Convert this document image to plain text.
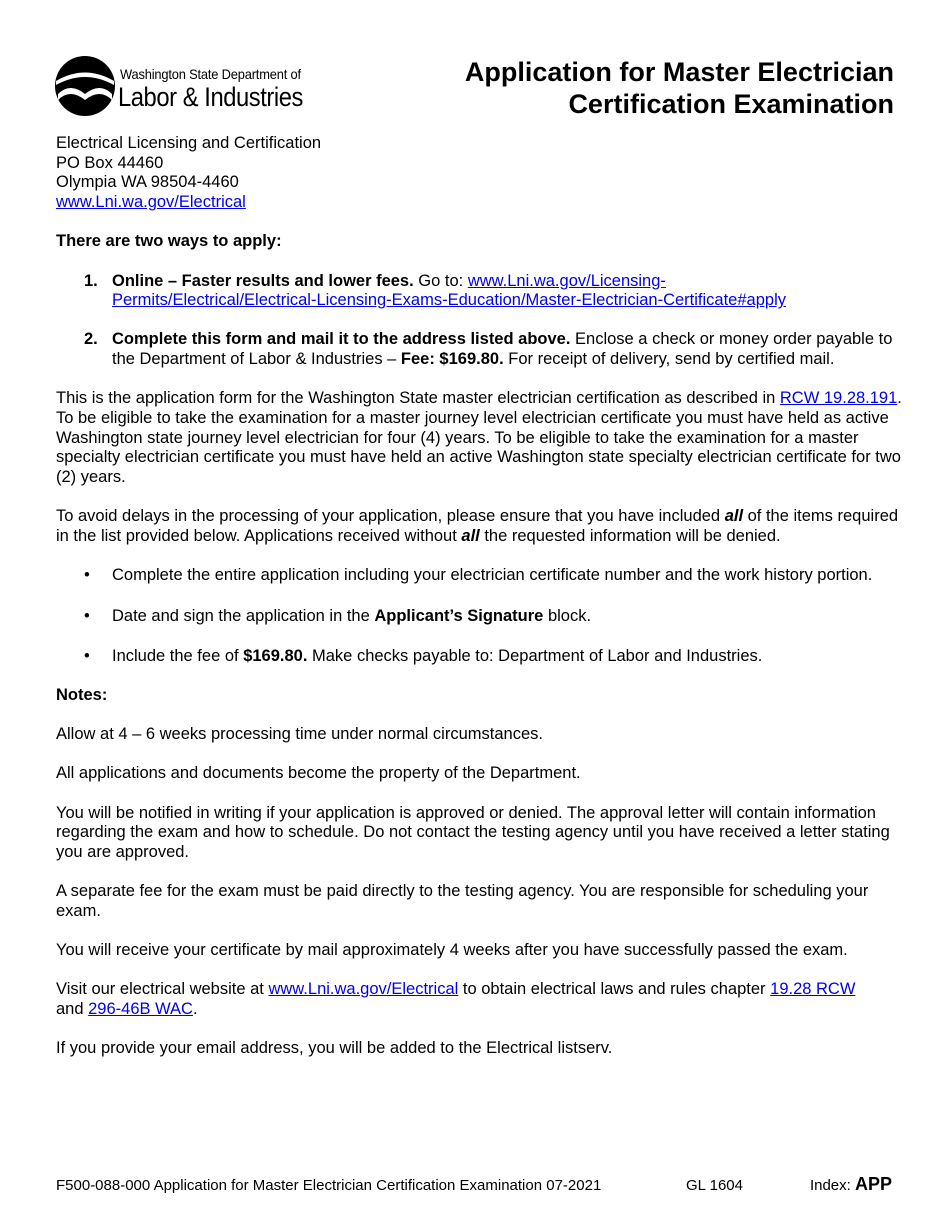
Washington State Department of
Labor & Industries
Application for Master Electrician
Certification Examination
Electrical Licensing and Certification
PO Box 44460
Olympia WA 98504-4460
www.Lni.wa.gov/Electrical

There are two ways to apply:

1. Online – Faster results and lower fees. Go to: www.Lni.wa.gov/Licensing-
Permits/Electrical/Electrical-Licensing-Exams-Education/Master-Electrician-Certificate#apply
2. Complete this form and mail it to the address listed above. Enclose a check or money order payable to the Department of Labor & Industries – Fee: $169.80. For receipt of delivery, send by certified mail.

This is the application form for the Washington State master electrician certification as described in RCW 19.28.191. To be eligible to take the examination for a master journey level electrician certificate you must have held as active Washington state journey level electrician for four (4) years. To be eligible to take the examination for a master specialty electrician certificate you must have held an active Washington state specialty electrician certificate for two (2) years.

To avoid delays in the processing of your application, please ensure that you have included all of the items required in the list provided below. Applications received without all the requested information will be denied.

• Complete the entire application including your electrician certificate number and the work history portion.
• Date and sign the application in the Applicant’s Signature block.
• Include the fee of $169.80. Make checks payable to: Department of Labor and Industries.

Notes:

Allow at 4 – 6 weeks processing time under normal circumstances.

All applications and documents become the property of the Department.

You will be notified in writing if your application is approved or denied. The approval letter will contain information regarding the exam and how to schedule. Do not contact the testing agency until you have received a letter stating you are approved.

A separate fee for the exam must be paid directly to the testing agency. You are responsible for scheduling your exam.

You will receive your certificate by mail approximately 4 weeks after you have successfully passed the exam.

Visit our electrical website at www.Lni.wa.gov/Electrical to obtain electrical laws and rules chapter 19.28 RCW
and 296-46B WAC.

If you provide your email address, you will be added to the Electrical listserv.

F500-088-000 Application for Master Electrician Certification Examination 07-2021	GL 1604	Index: APP
